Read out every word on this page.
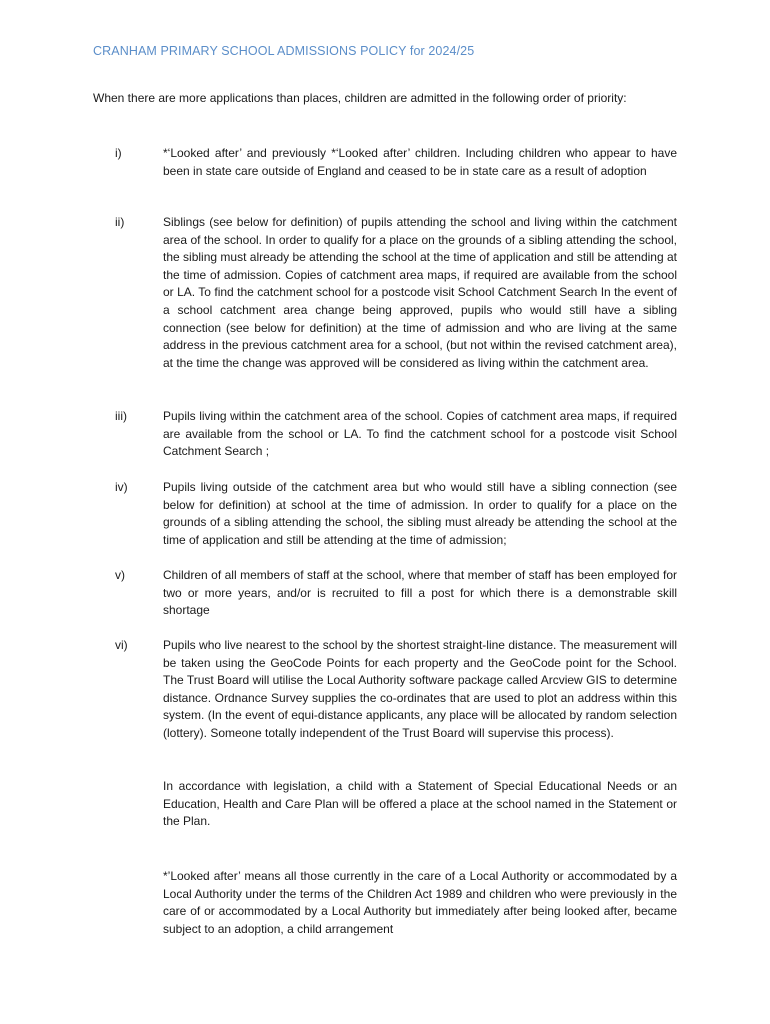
CRANHAM PRIMARY SCHOOL ADMISSIONS POLICY for 2024/25
When there are more applications than places, children are admitted in the following order of priority:
i)	*‘Looked after’ and previously *‘Looked after’ children. Including children who appear to have been in state care outside of England and ceased to be in state care as a result of adoption
ii)	Siblings (see below for definition) of pupils attending the school and living within the catchment area of the school. In order to qualify for a place on the grounds of a sibling attending the school, the sibling must already be attending the school at the time of application and still be attending at the time of admission. Copies of catchment area maps, if required are available from the school or LA. To find the catchment school for a postcode visit School Catchment Search In the event of a school catchment area change being approved, pupils who would still have a sibling connection (see below for definition) at the time of admission and who are living at the same address in the previous catchment area for a school, (but not within the revised catchment area), at the time the change was approved will be considered as living within the catchment area.
iii)	Pupils living within the catchment area of the school. Copies of catchment area maps, if required are available from the school or LA. To find the catchment school for a postcode visit School Catchment Search ;
iv)	Pupils living outside of the catchment area but who would still have a sibling connection (see below for definition) at school at the time of admission. In order to qualify for a place on the grounds of a sibling attending the school, the sibling must already be attending the school at the time of application and still be attending at the time of admission;
v)	Children of all members of staff at the school, where that member of staff has been employed for two or more years, and/or is recruited to fill a post for which there is a demonstrable skill shortage
vi)	Pupils who live nearest to the school by the shortest straight-line distance. The measurement will be taken using the GeoCode Points for each property and the GeoCode point for the School. The Trust Board will utilise the Local Authority software package called Arcview GIS to determine distance. Ordnance Survey supplies the co-ordinates that are used to plot an address within this system. (In the event of equi-distance applicants, any place will be allocated by random selection (lottery). Someone totally independent of the Trust Board will supervise this process).
In accordance with legislation, a child with a Statement of Special Educational Needs or an Education, Health and Care Plan will be offered a place at the school named in the Statement or the Plan.
*’Looked after’ means all those currently in the care of a Local Authority or accommodated by a Local Authority under the terms of the Children Act 1989 and children who were previously in the care of or accommodated by a Local Authority but immediately after being looked after, became subject to an adoption, a child arrangement
